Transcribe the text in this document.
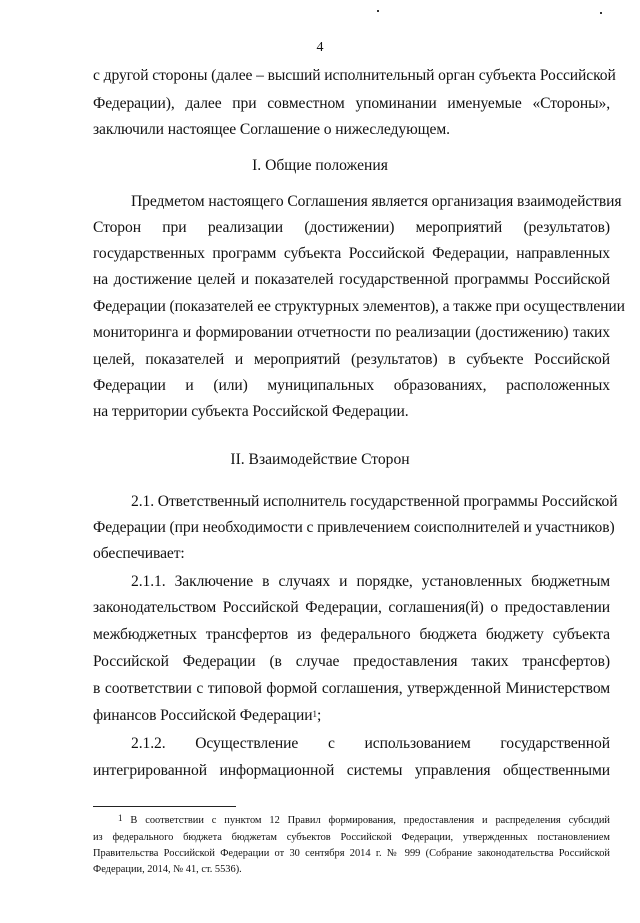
4
с другой стороны (далее – высший исполнительный орган субъекта Российской
Федерации), далее при совместном упоминании именуемые «Стороны»,
заключили настоящее Соглашение о нижеследующем.
I. Общие положения
Предметом настоящего Соглашения является организация взаимодействия
Сторон при реализации (достижении) мероприятий (результатов)
государственных программ субъекта Российской Федерации, направленных
на достижение целей и показателей государственной программы Российской
Федерации (показателей ее структурных элементов), а также при осуществлении
мониторинга и формировании отчетности по реализации (достижению) таких
целей, показателей и мероприятий (результатов) в субъекте Российской
Федерации и (или) муниципальных образованиях, расположенных
на территории субъекта Российской Федерации.
II. Взаимодействие Сторон
2.1. Ответственный исполнитель государственной программы Российской
Федерации (при необходимости с привлечением соисполнителей и участников)
обеспечивает:
2.1.1. Заключение в случаях и порядке, установленных бюджетным
законодательством Российской Федерации, соглашения(й) о предоставлении
межбюджетных трансфертов из федерального бюджета бюджету субъекта
Российской Федерации (в случае предоставления таких трансфертов)
в соответствии с типовой формой соглашения, утвержденной Министерством
финансов Российской Федерации$^1$;
2.1.2. Осуществление с использованием государственной
интегрированной информационной системы управления общественными
$^1$ В соответствии с пунктом 12 Правил формирования, предоставления и распределения субсидий
из федерального бюджета бюджетам субъектов Российской Федерации, утвержденных постановлением
Правительства Российской Федерации от 30 сентября 2014 г. № 999 (Собрание законодательства Российской
Федерации, 2014, № 41, ст. 5536).
